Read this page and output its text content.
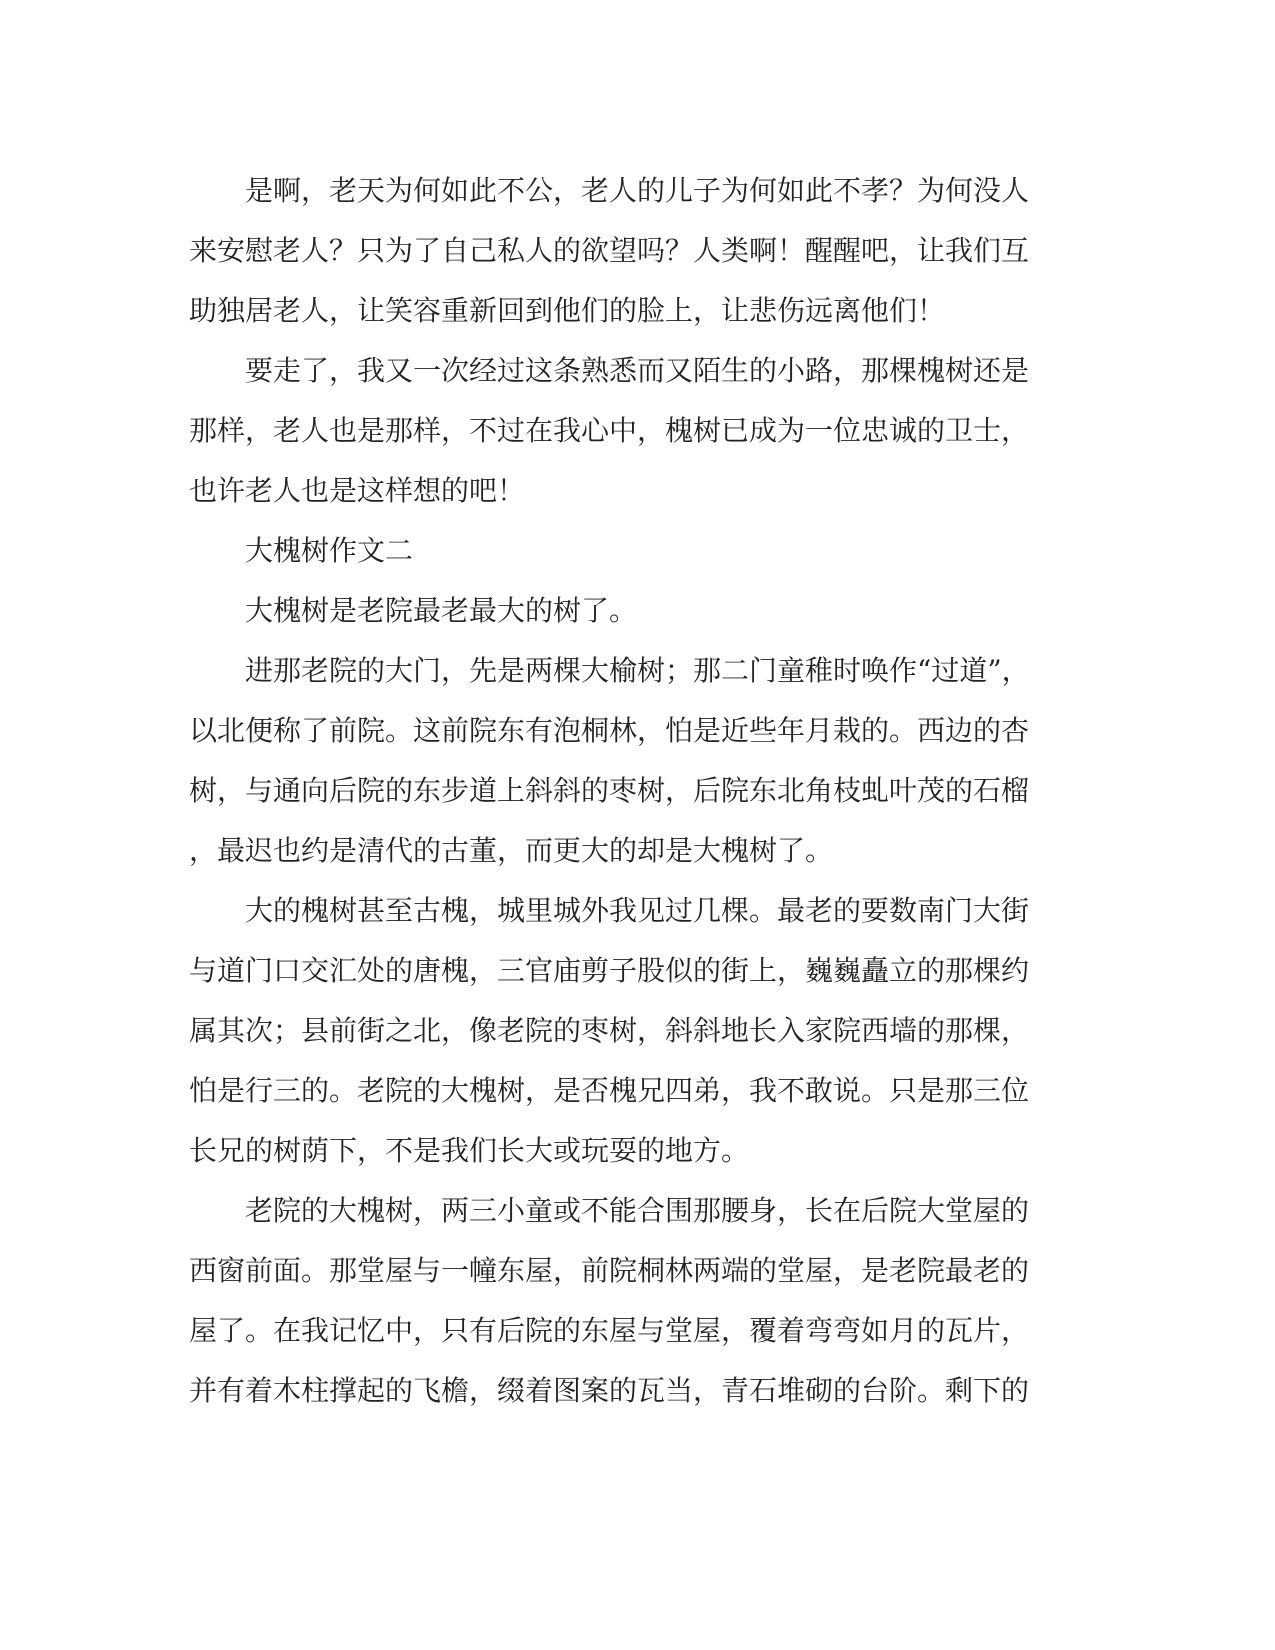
　　是啊，老天为何如此不公，老人的儿子为何如此不孝？为何没人
来安慰老人？只为了自己私人的欲望吗？人类啊！醒醒吧，让我们互
助独居老人，让笑容重新回到他们的脸上，让悲伤远离他们！
　　要走了，我又一次经过这条熟悉而又陌生的小路，那棵槐树还是
那样，老人也是那样，不过在我心中，槐树已成为一位忠诚的卫士，
也许老人也是这样想的吧！
　　大槐树作文二
　　大槐树是老院最老最大的树了。
　　进那老院的大门，先是两棵大榆树；那二门童稚时唤作“过道”，
以北便称了前院。这前院东有泡桐林，怕是近些年月栽的。西边的杏
树，与通向后院的东步道上斜斜的枣树，后院东北角枝虬叶茂的石榴
，最迟也约是清代的古董，而更大的却是大槐树了。
　　大的槐树甚至古槐，城里城外我见过几棵。最老的要数南门大街
与道门口交汇处的唐槐，三官庙剪子股似的街上，巍巍矗立的那棵约
属其次；县前街之北，像老院的枣树，斜斜地长入家院西墙的那棵，
怕是行三的。老院的大槐树，是否槐兄四弟，我不敢说。只是那三位
长兄的树荫下，不是我们长大或玩耍的地方。
　　老院的大槐树，两三小童或不能合围那腰身，长在后院大堂屋的
西窗前面。那堂屋与一幢东屋，前院桐林两端的堂屋，是老院最老的
屋了。在我记忆中，只有后院的东屋与堂屋，覆着弯弯如月的瓦片，
并有着木柱撑起的飞檐，缀着图案的瓦当，青石堆砌的台阶。剩下的
